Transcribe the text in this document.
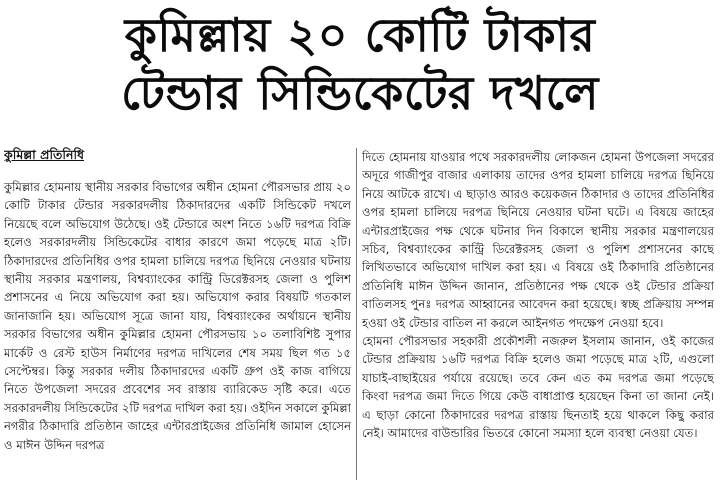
কুমিল্লায় ২০ কোটি টাকার
টেন্ডার সিন্ডিকেটের দখলে

কুমিল্লা প্রতিনিধি

কুমিল্লার হোমনায় স্থানীয় সরকার বিভাগের অধীন হোমনা পৌরসভার প্রায় ২০ কোটি টাকার টেন্ডার সরকারদলীয় ঠিকাদারদের একটি সিন্ডিকেট দখলে নিয়েছে বলে অভিযোগ উঠেছে। ওই টেন্ডারে অংশ নিতে ১৬টি দরপত্র বিক্রি হলেও সরকারদলীয় সিন্ডিকেটের বাধার কারণে জমা পড়েছে মাত্র ২টি। ঠিকাদারদের প্রতিনিধির ওপর হামলা চালিয়ে দরপত্র ছিনিয়ে নেওয়ার ঘটনায় স্থানীয় সরকার মন্ত্রণালয়, বিশ্বব্যাংকের কান্ট্রি ডিরেক্টরসহ জেলা ও পুলিশ প্রশাসনের এ নিয়ে অভিযোগ করা হয়। অভিযোগ করার বিষয়টি গতকাল জানাজানি হয়। অভিযোগ সূত্রে জানা যায়, বিশ্বব্যাংকের অর্থায়নে স্থানীয় সরকার বিভাগের অধীন কুমিল্লার হোমনা পৌরসভায় ১০ তলাবিশিষ্ট সুপার মার্কেট ও রেস্ট হাউস নির্মাণের দরপত্র দাখিলের শেষ সময় ছিল গত ১৫ সেপ্টেম্বর। কিন্তু সরকার দলীয় ঠিকাদারদের একটি গ্রুপ ওই কাজ বাগিয়ে নিতে উপজেলা সদরের প্রবেশের সব রাস্তায় ব্যারিকেড সৃষ্টি করে। এতে সরকারদলীয় সিন্ডিকেটের ২টি দরপত্র দাখিল করা হয়। ওইদিন সকালে কুমিল্লা নগরীর ঠিকাদারি প্রতিষ্ঠান জাহের এন্টারপ্রাইজের প্রতিনিধি জামাল হোসেন ও মাঈন উদ্দিন দরপত্র

দিতে হোমনায় যাওয়ার পথে সরকারদলীয় লোকজন হোমনা উপজেলা সদরের অদূরে গাজীপুর বাজার এলাকায় তাদের ওপর হামলা চালিয়ে দরপত্র ছিনিয়ে নিয়ে আটকে রাখে। এ ছাড়াও আরও কয়েকজন ঠিকাদার ও তাদের প্রতিনিধির ওপর হামলা চালিয়ে দরপত্র ছিনিয়ে নেওয়ার ঘটনা ঘটে। এ বিষয়ে জাহের এন্টারপ্রাইজের পক্ষ থেকে ঘটনার দিন বিকালে স্থানীয় সরকার মন্ত্রণালয়ের সচিব, বিশ্বব্যাংকের কান্ট্রি ডিরেক্টরসহ জেলা ও পুলিশ প্রশাসনের কাছে লিখিতভাবে অভিযোগ দাখিল করা হয়। এ বিষয়ে ওই ঠিকাদারি প্রতিষ্ঠানের প্রতিনিধি মাঈন উদ্দিন জানান, প্রতিষ্ঠানের পক্ষ থেকে ওই টেন্ডার প্রক্রিয়া বাতিলসহ পুনঃ দরপত্র আহ্বানের আবেদন করা হয়েছে। স্বচ্ছ প্রক্রিয়ায় সম্পন্ন হওয়া ওই টেন্ডার বাতিল না করলে আইনগত পদক্ষেপ নেওয়া হবে।

হোমনা পৌরসভার সহকারী প্রকৌশলী নজরুল ইসলাম জানান, ওই কাজের টেন্ডার প্রক্রিয়ায় ১৬টি দরপত্র বিক্রি হলেও জমা পড়েছে মাত্র ২টি, এগুলো যাচাই-বাছাইয়ের পর্যায়ে রয়েছে। তবে কেন এত কম দরপত্র জমা পড়েছে কিংবা দরপত্র জমা দিতে গিয়ে কেউ বাধাপ্রাপ্ত হয়েছেন কিনা তা জানা নেই। এ ছাড়া কোনো ঠিকাদারের দরপত্র রাস্তায় ছিনতাই হয়ে থাকলে কিছু করার নেই। আমাদের বাউন্ডারির ভিতরে কোনো সমস্যা হলে ব্যবস্থা নেওয়া যেত।
